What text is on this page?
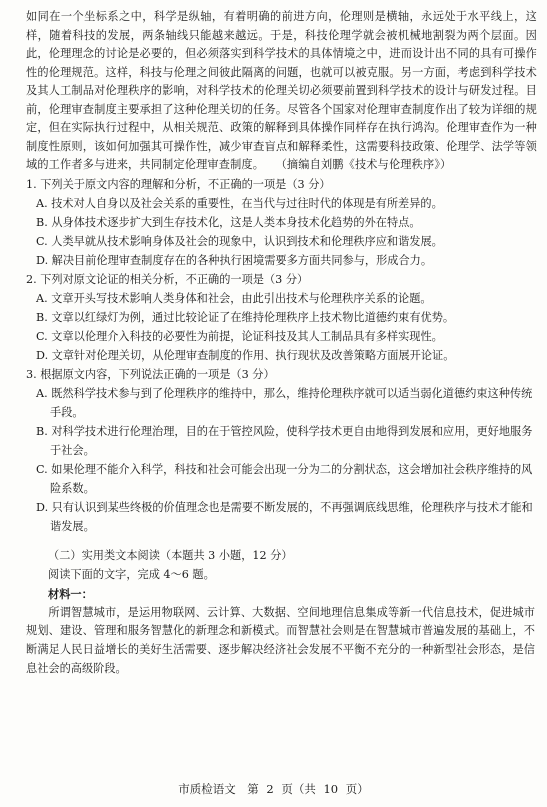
如同在一个坐标系之中，科学是纵轴，有着明确的前进方向，伦理则是横轴，永远处于水平线上，这样，随着科技的发展，两条轴线只能越来越远。于是，科技伦理学就会被机械地割裂为两个层面。因此，伦理理念的讨论是必要的，但必须落实到科学技术的具体情境之中，进而设计出不同的具有可操作性的伦理规范。这样，科技与伦理之间彼此隔离的问题，也就可以被克服。另一方面，考虑到科学技术及其人工制品对伦理秩序的影响，对科学技术的伦理关切必须要前置到科学技术的设计与研发过程。目前，伦理审查制度主要承担了这种伦理关切的任务。尽管各个国家对伦理审查制度作出了较为详细的规定，但在实际执行过程中，从相关规范、政策的解释到具体操作同样存在执行鸿沟。伦理审查作为一种制度性原则，该如何加强其可操作性，减少审查盲点和解释柔性，这需要科技政策、伦理学、法学等领域的工作者多与进来，共同制定伦理审查制度。　　 （摘编自刘鹏《技术与伦理秩序》）

1. 下列关于原文内容的理解和分析，不正确的一项是（3 分）

A. 技术对人自身以及社会关系的重要性，在当代与过往时代的体现是有所差异的。

B. 从身体技术逐步扩大到生存技术化，这是人类本身技术化趋势的外在特点。

C. 人类早就从技术影响身体及社会的现象中，认识到技术和伦理秩序应和谐发展。

D. 解决目前伦理审查制度存在的各种执行困境需要多方面共同参与，形成合力。

2. 下列对原文论证的相关分析，不正确的一项是（3 分）

A. 文章开头写技术影响人类身体和社会，由此引出技术与伦理秩序关系的论题。

B. 文章以红绿灯为例，通过比较论证了在维持伦理秩序上技术物比道德约束有优势。

C. 文章以伦理介入科技的必要性为前提，论证科技及其人工制品具有多样实现性。

D. 文章针对伦理关切，从伦理审查制度的作用、执行现状及改善策略方面展开论证。

3. 根据原文内容，下列说法正确的一项是（3 分）

A. 既然科学技术参与到了伦理秩序的维持中，那么，维持伦理秩序就可以适当弱化道德约束这种传统手段。

B. 对科学技术进行伦理治理，目的在于管控风险，使科学技术更自由地得到发展和应用，更好地服务于社会。

C. 如果伦理不能介入科学，科技和社会可能会出现一分为二的分割状态，这会增加社会秩序维持的风险系数。

D. 只有认识到某些终极的价值理念也是需要不断发展的，不再强调底线思维，伦理秩序与技术才能和谐发展。

（二）实用类文本阅读（本题共 3 小题，12 分）

阅读下面的文字，完成 4～6 题。

材料一：

所谓智慧城市，是运用物联网、云计算、大数据、空间地理信息集成等新一代信息技术，促进城市规划、建设、管理和服务智慧化的新理念和新模式。而智慧社会则是在智慧城市普遍发展的基础上，不断满足人民日益增长的美好生活需要、逐步解决经济社会发展不平衡不充分的一种新型社会形态，是信息社会的高级阶段。

市质检语文　第 2 页（共 10 页）
